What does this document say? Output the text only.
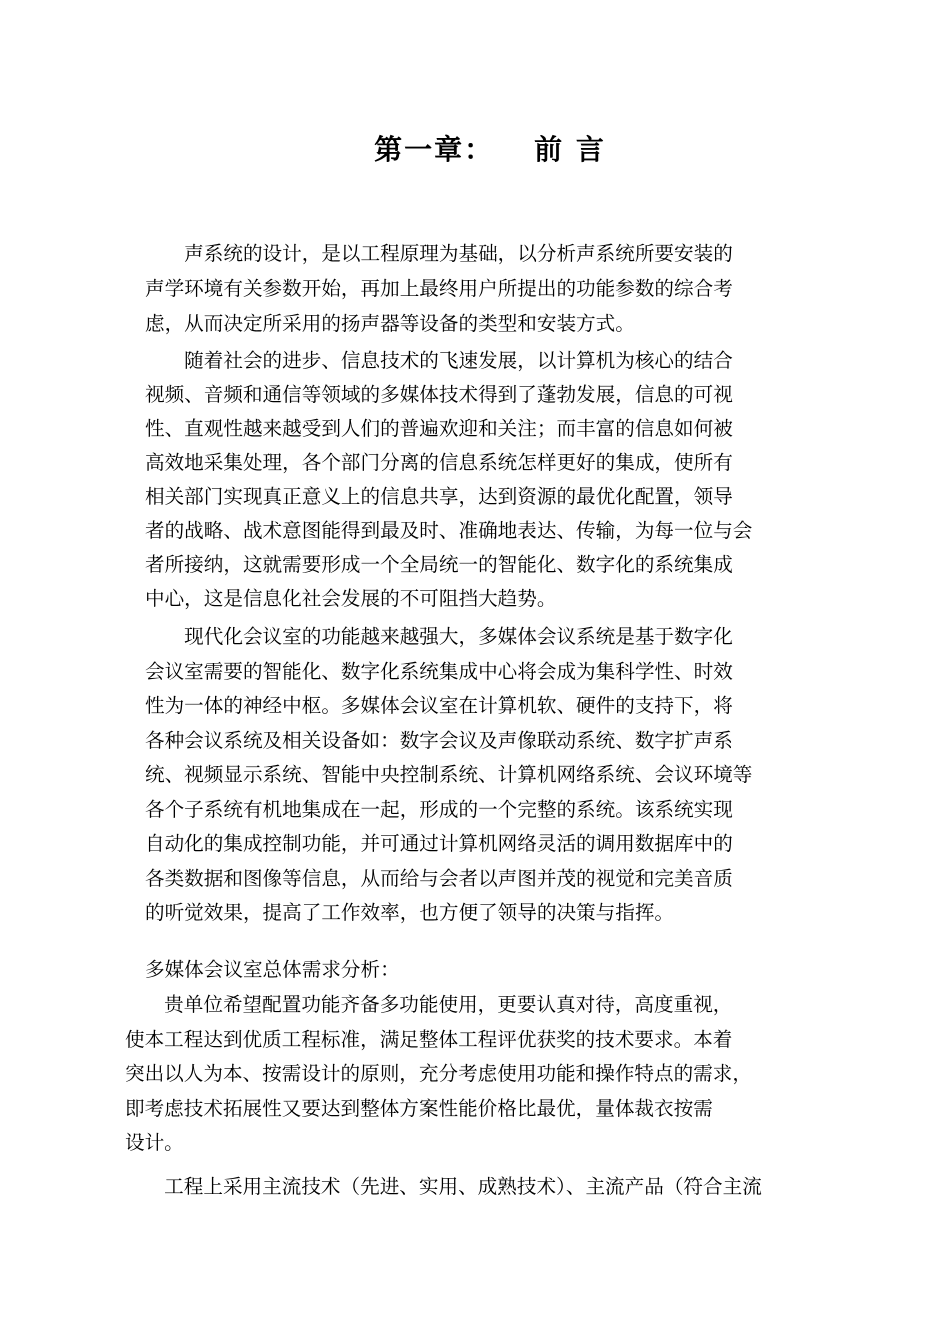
第一章： 前 言

　　声系统的设计，是以工程原理为基础，以分析声系统所要安装的

声学环境有关参数开始，再加上最终用户所提出的功能参数的综合考

虑，从而决定所采用的扬声器等设备的类型和安装方式。

　　随着社会的进步、信息技术的飞速发展，以计算机为核心的结合

视频、音频和通信等领域的多媒体技术得到了蓬勃发展，信息的可视

性、直观性越来越受到人们的普遍欢迎和关注；而丰富的信息如何被

高效地采集处理，各个部门分离的信息系统怎样更好的集成，使所有

相关部门实现真正意义上的信息共享，达到资源的最优化配置，领导

者的战略、战术意图能得到最及时、准确地表达、传输，为每一位与会

者所接纳，这就需要形成一个全局统一的智能化、数字化的系统集成

中心，这是信息化社会发展的不可阻挡大趋势。

　　现代化会议室的功能越来越强大，多媒体会议系统是基于数字化

会议室需要的智能化、数字化系统集成中心将会成为集科学性、时效

性为一体的神经中枢。多媒体会议室在计算机软、硬件的支持下，将

各种会议系统及相关设备如：数字会议及声像联动系统、数字扩声系

统、视频显示系统、智能中央控制系统、计算机网络系统、会议环境等

各个子系统有机地集成在一起，形成的一个完整的系统。该系统实现

自动化的集成控制功能，并可通过计算机网络灵活的调用数据库中的

各类数据和图像等信息，从而给与会者以声图并茂的视觉和完美音质

的听觉效果，提高了工作效率，也方便了领导的决策与指挥。

多媒体会议室总体需求分析：

　　贵单位希望配置功能齐备多功能使用，更要认真对待，高度重视，

使本工程达到优质工程标准，满足整体工程评优获奖的技术要求。本着

突出以人为本、按需设计的原则，充分考虑使用功能和操作特点的需求，

即考虑技术拓展性又要达到整体方案性能价格比最优，量体裁衣按需

设计。

　　工程上采用主流技术（先进、实用、成熟技术）、主流产品（符合主流
